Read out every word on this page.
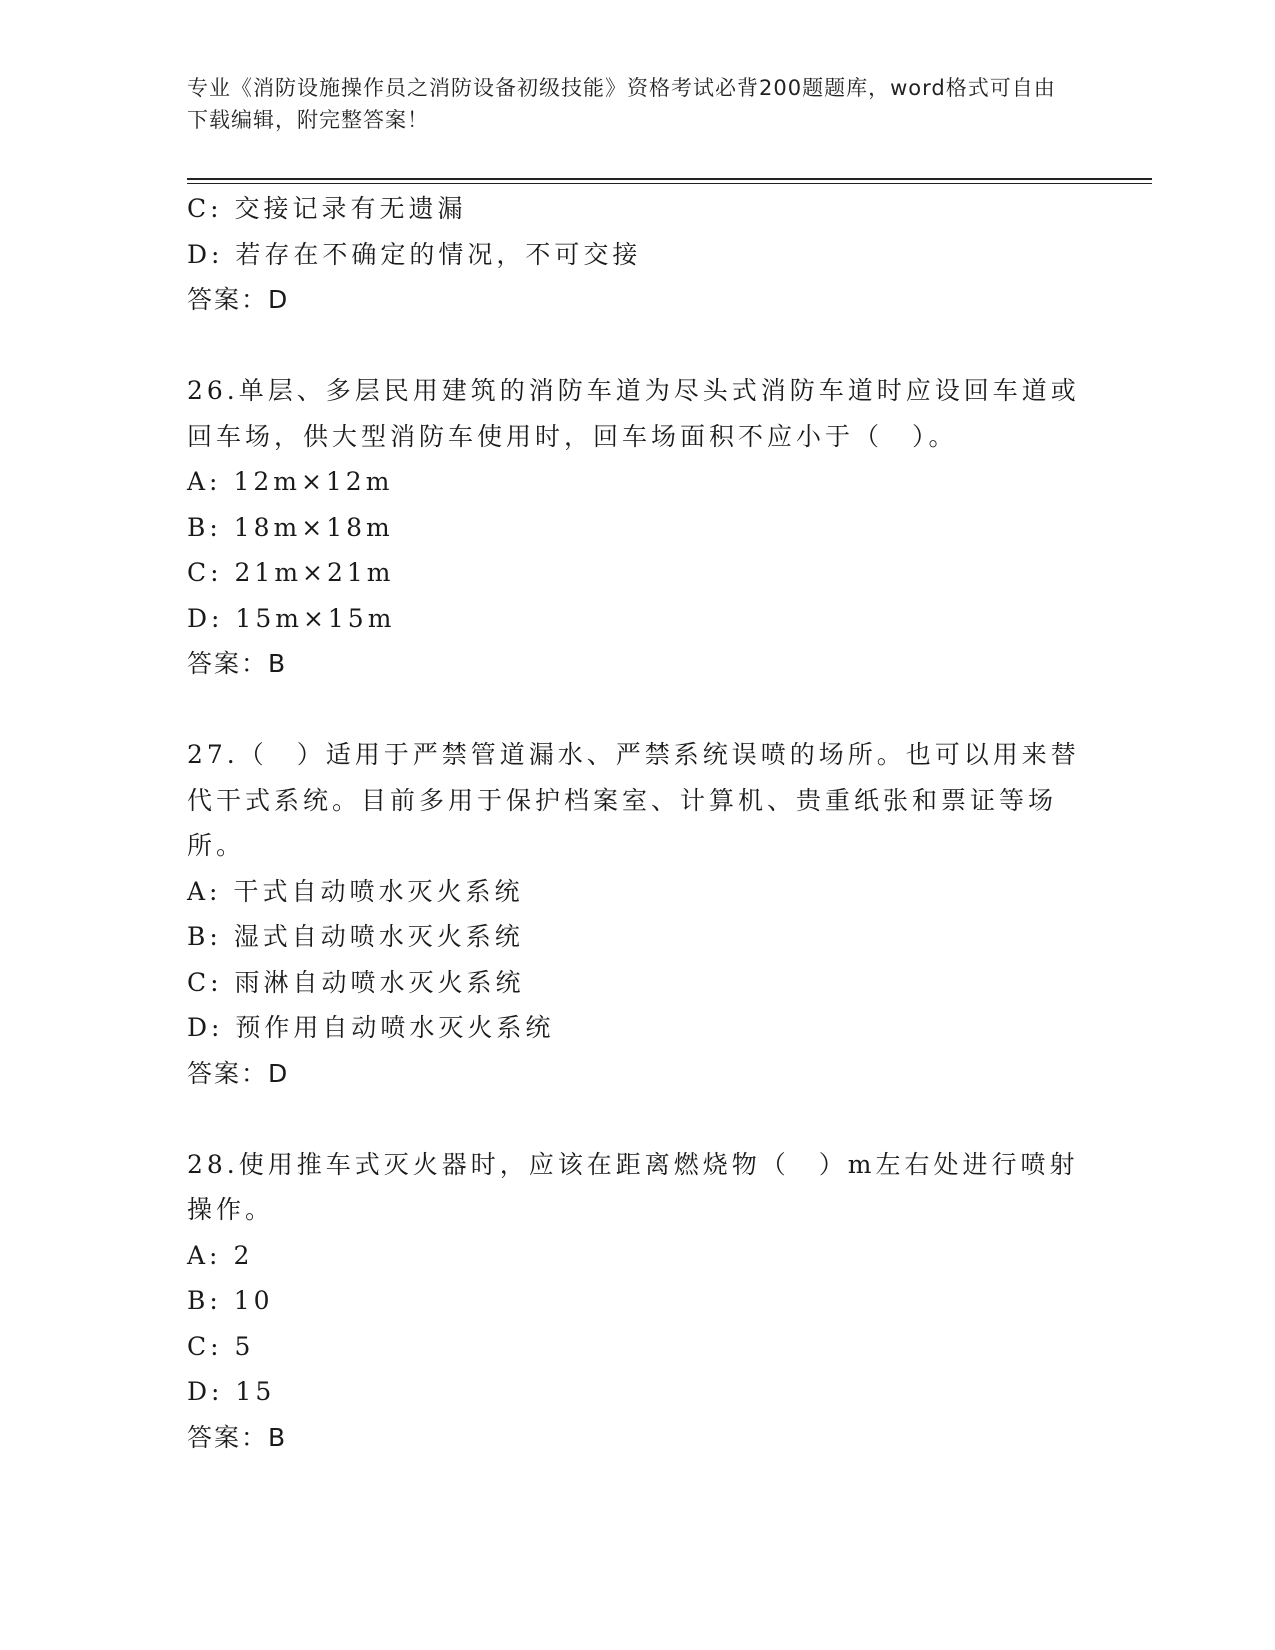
专业《消防设施操作员之消防设备初级技能》资格考试必背200题题库，word格式可自由下载编辑，附完整答案！
C: 交接记录有无遗漏
D: 若存在不确定的情况，不可交接
答案：D
26.单层、多层民用建筑的消防车道为尽头式消防车道时应设回车道或回车场，供大型消防车使用时，回车场面积不应小于（　）。
A: 12m×12m
B: 18m×18m
C: 21m×21m
D: 15m×15m
答案：B
27.（　）适用于严禁管道漏水、严禁系统误喷的场所。也可以用来替代干式系统。目前多用于保护档案室、计算机、贵重纸张和票证等场所。
A: 干式自动喷水灭火系统
B: 湿式自动喷水灭火系统
C: 雨淋自动喷水灭火系统
D: 预作用自动喷水灭火系统
答案：D
28.使用推车式灭火器时，应该在距离燃烧物（　）m左右处进行喷射操作。
A: 2
B: 10
C: 5
D: 15
答案：B
